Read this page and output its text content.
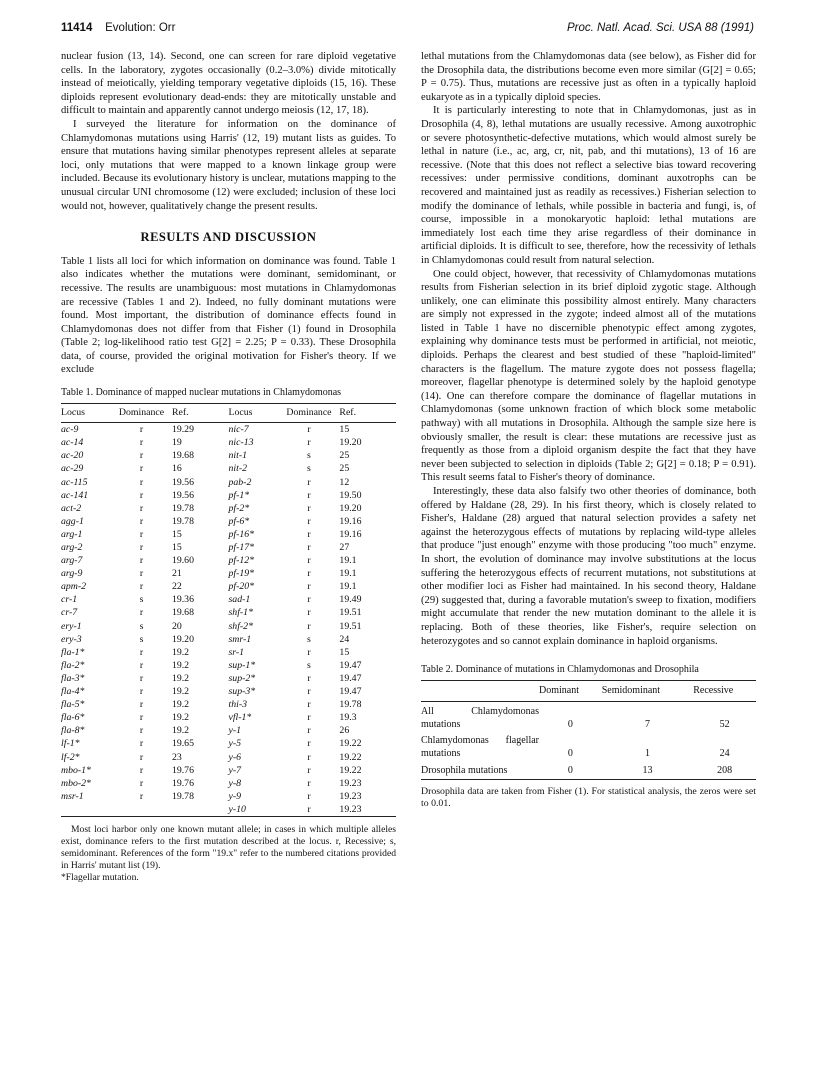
11414 Evolution: Orr	Proc. Natl. Acad. Sci. USA 88 (1991)

nuclear fusion (13, 14). Second, one can screen for rare diploid vegetative cells. In the laboratory, zygotes occasionally (0.2–3.0%) divide mitotically instead of meiotically, yielding temporary vegetative diploids (15, 16). These diploids represent evolutionary dead-ends: they are mitotically unstable and difficult to maintain and apparently cannot undergo meiosis (12, 17, 18).

I surveyed the literature for information on the dominance of Chlamydomonas mutations using Harris' (12, 19) mutant lists as guides. To ensure that mutations having similar phenotypes represent alleles at separate loci, only mutations that were mapped to a known linkage group were included. Because its evolutionary history is unclear, mutations mapping to the unusual circular UNI chromosome (12) were excluded; inclusion of these loci would not, however, qualitatively change the present results.

RESULTS AND DISCUSSION

Table 1 lists all loci for which information on dominance was found. Table 1 also indicates whether the mutations were dominant, semidominant, or recessive. The results are unambiguous: most mutations in Chlamydomonas are recessive (Tables 1 and 2). Indeed, no fully dominant mutations were found. Most important, the distribution of dominance effects found in Chlamydomonas does not differ from that Fisher (1) found in Drosophila (Table 2; log-likelihood ratio test G[2] = 2.25; P = 0.33). These Drosophila data, of course, provided the original motivation for Fisher's theory. If we exclude

Table 1. Dominance of mapped nuclear mutations in Chlamydomonas
Locus	Dominance	Ref.	Locus	Dominance	Ref.
ac-9	r	19.29	nic-7	r	15
ac-14	r	19	nic-13	r	19.20
ac-20	r	19.68	nit-1	s	25
ac-29	r	16	nit-2	s	25
ac-115	r	19.56	pab-2	r	12
ac-141	r	19.56	pf-1*	r	19.50
act-2	r	19.78	pf-2*	r	19.20
agg-1	r	19.78	pf-6*	r	19.16
arg-1	r	15	pf-16*	r	19.16
arg-2	r	15	pf-17*	r	27
arg-7	r	19.60	pf-12*	r	19.1
arg-9	r	21	pf-19*	r	19.1
apm-2	r	22	pf-20*	r	19.1
cr-1	s	19.36	sad-1	r	19.49
cr-7	r	19.68	shf-1*	r	19.51
ery-1	s	20	shf-2*	r	19.51
ery-3	s	19.20	smr-1	s	24
fla-1*	r	19.2	sr-1	r	15
fla-2*	r	19.2	sup-1*	s	19.47
fla-3*	r	19.2	sup-2*	r	19.47
fla-4*	r	19.2	sup-3*	r	19.47
fla-5*	r	19.2	thi-3	r	19.78
fla-6*	r	19.2	vfl-1*	r	19.3
fla-8*	r	19.2	y-1	r	26
lf-1*	r	19.65	y-5	r	19.22
lf-2*	r	23	y-6	r	19.22
mbo-1*	r	19.76	y-7	r	19.22
mbo-2*	r	19.76	y-8	r	19.23
msr-1	r	19.78	y-9	r	19.23
			y-10	r	19.23

Most loci harbor only one known mutant allele; in cases in which multiple alleles exist, dominance refers to the first mutation described at the locus. r, Recessive; s, semidominant. References of the form "19.x" refer to the numbered citations provided in Harris' mutant list (19).

*Flagellar mutation.

lethal mutations from the Chlamydomonas data (see below), as Fisher did for the Drosophila data, the distributions become even more similar (G[2] = 0.65; P = 0.75). Thus, mutations are recessive just as often in a typically haploid eukaryote as in a typically diploid species.

It is particularly interesting to note that in Chlamydomonas, just as in Drosophila (4, 8), lethal mutations are usually recessive. Among auxotrophic or severe photosynthetic-defective mutations, which would almost surely be lethal in nature (i.e., ac, arg, cr, nit, pab, and thi mutations), 13 of 16 are recessive. (Note that this does not reflect a selective bias toward recovering recessives: under permissive conditions, dominant auxotrophs can be recovered and maintained just as readily as recessives.) Fisherian selection to modify the dominance of lethals, while possible in bacteria and fungi, is, of course, impossible in a monokaryotic haploid: lethal mutations are immediately lost each time they arise regardless of their dominance in artificial diploids. It is difficult to see, therefore, how the recessivity of lethals in Chlamydomonas could result from natural selection.

One could object, however, that recessivity of Chlamydomonas mutations results from Fisherian selection in its brief diploid zygotic stage. Although unlikely, one can eliminate this possibility almost entirely. Many characters are simply not expressed in the zygote; indeed almost all of the mutations listed in Table 1 have no discernible phenotypic effect among zygotes, explaining why dominance tests must be performed in artificial, not meiotic, diploids. Perhaps the clearest and best studied of these "haploid-limited" characters is the flagellum. The mature zygote does not possess flagella; moreover, flagellar phenotype is determined solely by the haploid genotype (14). One can therefore compare the dominance of flagellar mutations in Chlamydomonas (some unknown fraction of which block some metabolic pathway) with all mutations in Drosophila. Although the sample size here is obviously smaller, the result is clear: these mutations are recessive just as frequently as those from a diploid organism despite the fact that they have never been subjected to selection in diploids (Table 2; G[2] = 0.18; P = 0.91). This result seems fatal to Fisher's theory of dominance.

Interestingly, these data also falsify two other theories of dominance, both offered by Haldane (28, 29). In his first theory, which is closely related to Fisher's, Haldane (28) argued that natural selection provides a safety net against the heterozygous effects of mutations by replacing wild-type alleles that produce "just enough" enzyme with those producing "too much" enzyme. In short, the evolution of dominance may involve substitutions at the locus suffering the heterozygous effects of recurrent mutations, not substitutions at other modifier loci as Fisher had maintained. In his second theory, Haldane (29) suggested that, during a favorable mutation's sweep to fixation, modifiers might accumulate that render the new mutation dominant to the allele it is replacing. Both of these theories, like Fisher's, require selection on heterozygotes and so cannot explain dominance in haploid organisms.

Table 2. Dominance of mutations in Chlamydomonas and Drosophila
	Dominant	Semidominant	Recessive
All Chlamydomonas mutations	0	7	52
Chlamydomonas flagellar mutations	0	1	24
Drosophila mutations	0	13	208
Drosophila data are taken from Fisher (1). For statistical analysis, the zeros were set to 0.01.
